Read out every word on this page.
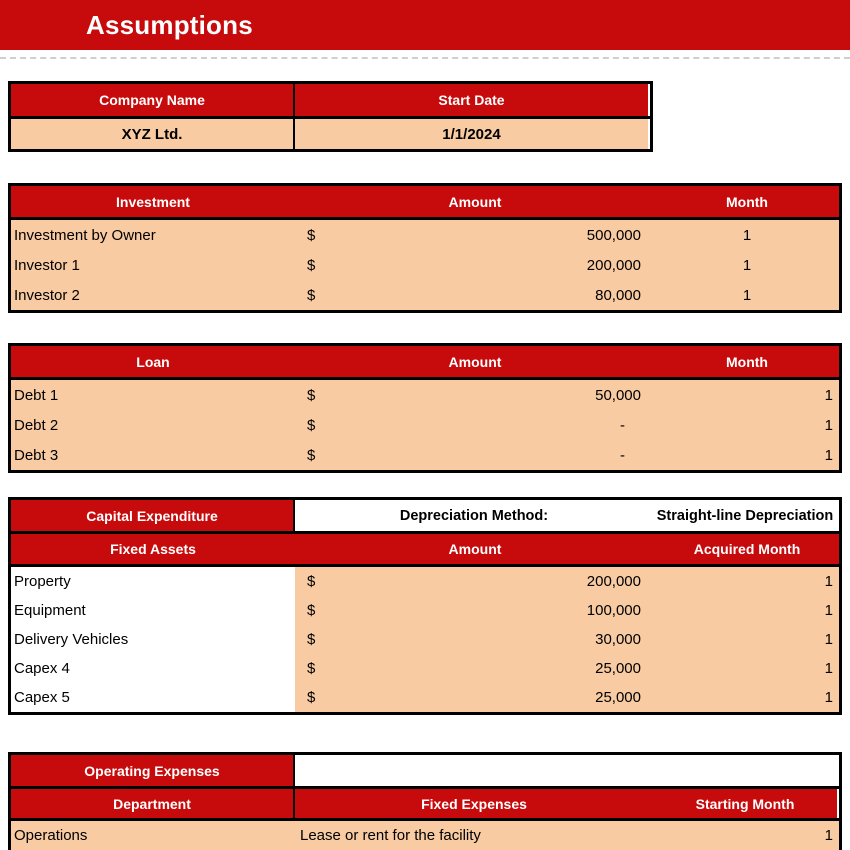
Assumptions
Company Name	Start Date
XYZ Ltd.	1/1/2024
Investment	Amount	Month
Investment by Owner	$	500,000	1
Investor 1	$	200,000	1
Investor 2	$	80,000	1
Loan	Amount	Month
Debt 1	$	50,000	1
Debt 2	$	-	1
Debt 3	$	-	1
Capital Expenditure	Depreciation Method:	Straight-line Depreciation
Fixed Assets	Amount	Acquired Month
Property	$	200,000	1
Equipment	$	100,000	1
Delivery Vehicles	$	30,000	1
Capex 4	$	25,000	1
Capex 5	$	25,000	1
Operating Expenses
Department	Fixed Expenses	Starting Month
Operations	Lease or rent for the facility	1
